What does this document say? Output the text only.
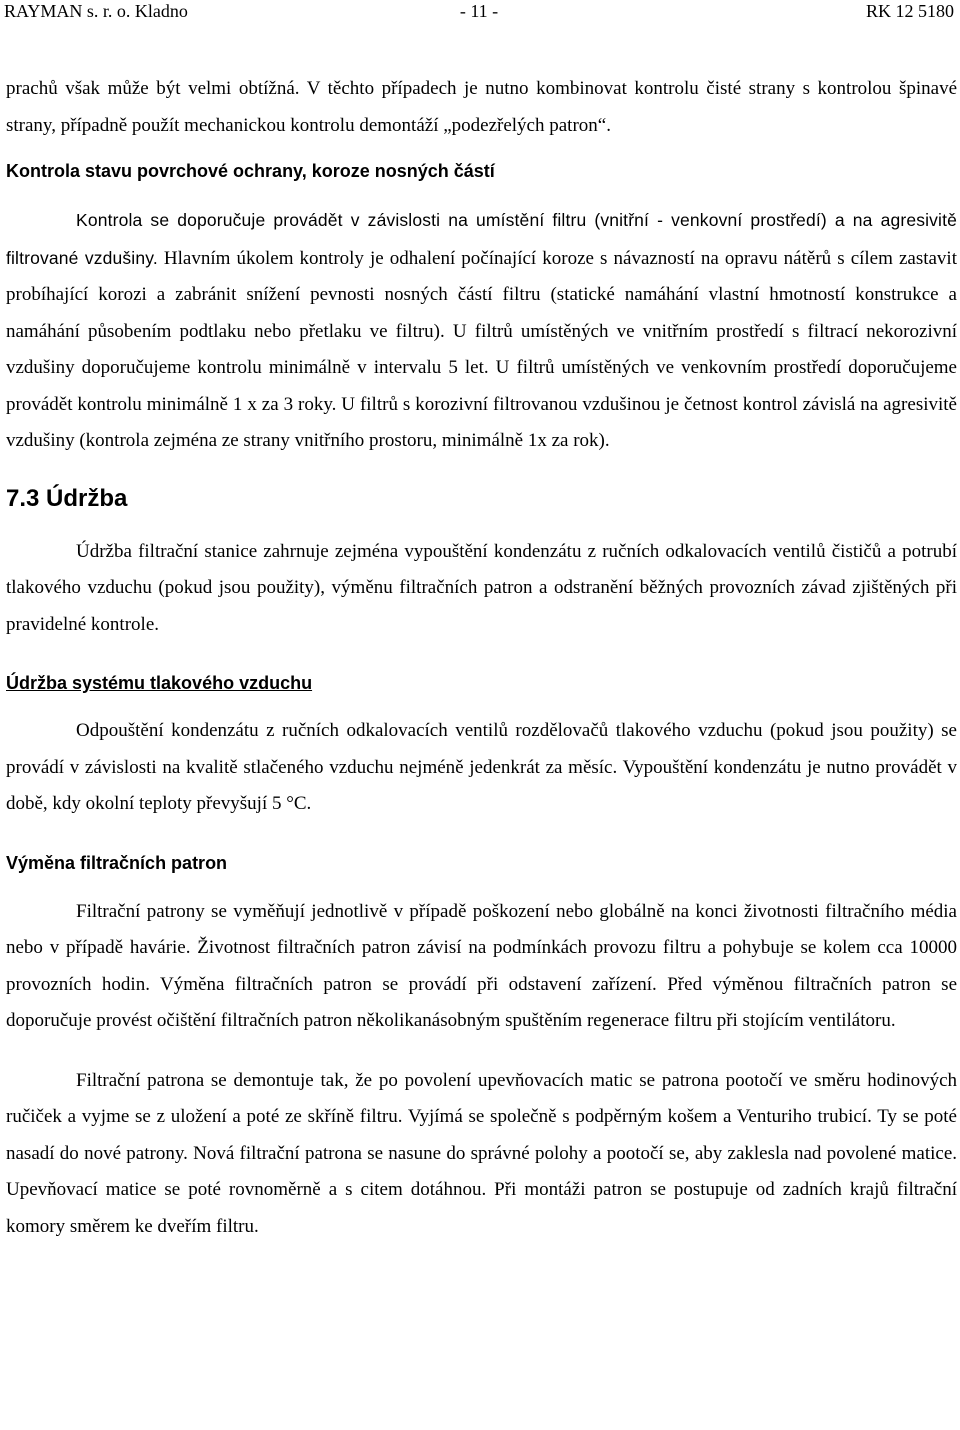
RAYMAN s. r. o. Kladno	- 11 -	RK 12 5180

prachů však může být velmi obtížná. V těchto případech je nutno kombinovat kontrolu čisté strany s kontrolou špinavé strany, případně použít mechanickou kontrolu demontáží „podezřelých patron“.

Kontrola stavu povrchové ochrany, koroze nosných částí

Kontrola se doporučuje provádět v závislosti na umístění filtru (vnitřní - venkovní prostředí) a na agresivitě filtrované vzdušiny. Hlavním úkolem kontroly je odhalení počínající koroze s návazností na opravu nátěrů s cílem zastavit probíhající korozi a zabránit snížení pevnosti nosných částí filtru (statické namáhání vlastní hmotností konstrukce a namáhání působením podtlaku nebo přetlaku ve filtru). U filtrů umístěných ve vnitřním prostředí s filtrací nekorozivní vzdušiny doporučujeme kontrolu minimálně v intervalu 5 let. U filtrů umístěných ve venkovním prostředí doporučujeme provádět kontrolu minimálně 1 x za 3 roky. U filtrů s korozivní filtrovanou vzdušinou je četnost kontrol závislá na agresivitě vzdušiny (kontrola zejména ze strany vnitřního prostoru, minimálně 1x za rok).

7.3 Údržba

Údržba filtrační stanice zahrnuje zejména vypouštění kondenzátu z ručních odkalovacích ventilů čističů a potrubí tlakového vzduchu (pokud jsou použity), výměnu filtračních patron a odstranění běžných provozních závad zjištěných při pravidelné kontrole.

Údržba systému tlakového vzduchu

Odpouštění kondenzátu z ručních odkalovacích ventilů rozdělovačů tlakového vzduchu (pokud jsou použity) se provádí v závislosti na kvalitě stlačeného vzduchu nejméně jedenkrát za měsíc. Vypouštění kondenzátu je nutno provádět v době, kdy okolní teploty převyšují 5 °C.

Výměna filtračních patron

Filtrační patrony se vyměňují jednotlivě v případě poškození nebo globálně na konci životnosti filtračního média nebo v případě havárie. Životnost filtračních patron závisí na podmínkách provozu filtru a pohybuje se kolem cca 10000 provozních hodin. Výměna filtračních patron se provádí při odstavení zařízení. Před výměnou filtračních patron se doporučuje provést očištění filtračních patron několikanásobným spuštěním regenerace filtru při stojícím ventilátoru.

Filtrační patrona se demontuje tak, že po povolení upevňovacích matic se patrona pootočí ve směru hodinových ručiček a vyjme se z uložení a poté ze skříně filtru. Vyjímá se společně s podpěrným košem a Venturiho trubicí. Ty se poté nasadí do nové patrony. Nová filtrační patrona se nasune do správné polohy a pootočí se, aby zaklesla nad povolené matice. Upevňovací matice se poté rovnoměrně a s citem dotáhnou. Při montáži patron se postupuje od zadních krajů filtrační komory směrem ke dveřím filtru.
